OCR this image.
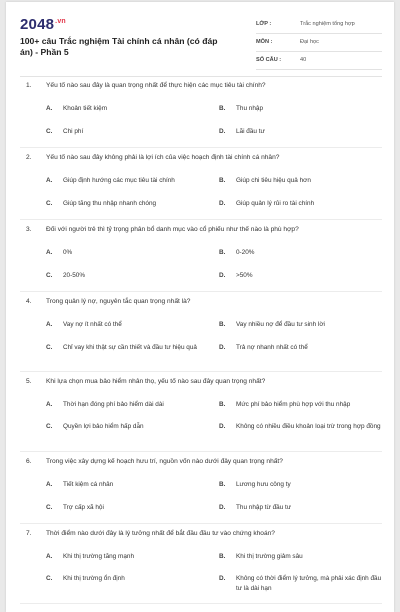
$2048^{.vn}$
100+ câu Trắc nghiệm Tài chính cá nhân (có đáp án) - Phần 5
LỚP :	Trắc nghiệm tổng hợp
MÔN :	Đại học
SỐ CÂU :	40
1. Yếu tố nào sau đây là quan trọng nhất để thực hiện các mục tiêu tài chính?
A. Khoản tiết kiệm	B. Thu nhập
C. Chi phí	D. Lãi đầu tư
2. Yếu tố nào sau đây không phải là lợi ích của việc hoạch định tài chính cá nhân?
A. Giúp định hướng các mục tiêu tài chính	B. Giúp chi tiêu hiệu quả hơn
C. Giúp tăng thu nhập nhanh chóng	D. Giúp quản lý rủi ro tài chính
3. Đối với người trẻ thì tỷ trọng phân bổ danh mục vào cổ phiếu như thế nào là phù hợp?
A. 0%	B. 0-20%
C. 20-50%	D. >50%
4. Trong quản lý nợ, nguyên tắc quan trọng nhất là?
A. Vay nợ ít nhất có thể	B. Vay nhiều nợ để đầu tư sinh lời
C. Chỉ vay khi thật sự cần thiết và đầu tư hiệu quả	D. Trả nợ nhanh nhất có thể
5. Khi lựa chọn mua bảo hiểm nhân thọ, yếu tố nào sau đây quan trọng nhất?
A. Thời hạn đóng phí bảo hiểm dài dài	B. Mức phí bảo hiểm phù hợp với thu nhập
C. Quyền lợi bảo hiểm hấp dẫn	D. Không có nhiều điều khoản loại trừ trong hợp đồng
6. Trong việc xây dựng kế hoạch hưu trí, nguồn vốn nào dưới đây quan trọng nhất?
A. Tiết kiệm cá nhân	B. Lương hưu công ty
C. Trợ cấp xã hội	D. Thu nhập từ đầu tư
7. Thời điểm nào dưới đây là lý tưởng nhất để bắt đầu đầu tư vào chứng khoán?
A. Khi thị trường tăng mạnh	B. Khi thị trường giảm sâu
C. Khi thị trường ổn định	D. Không có thời điểm lý tưởng, mà phải xác định đầu tư là dài hạn
